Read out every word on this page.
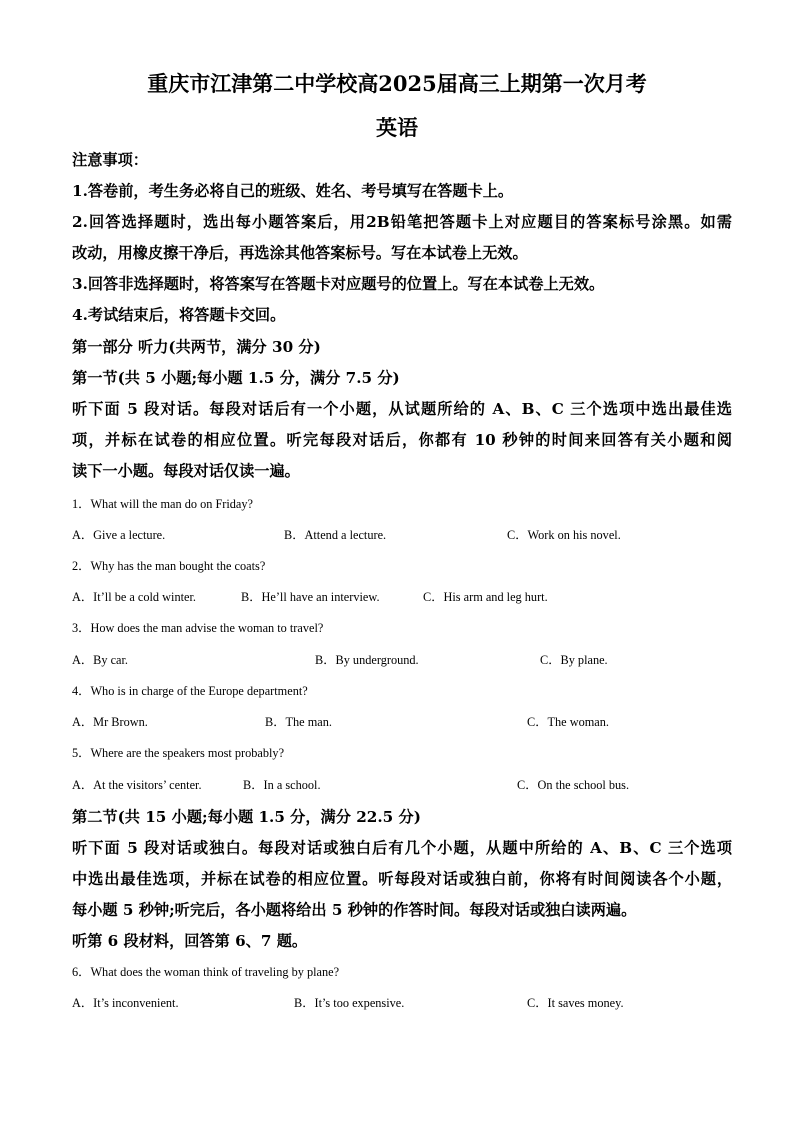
重庆市江津第二中学校高2025届高三上期第一次月考
英语
注意事项：
1.答卷前，考生务必将自己的班级、姓名、考号填写在答题卡上。
2.回答选择题时，选出每小题答案后，用2B铅笔把答题卡上对应题目的答案标号涂黑。如需
改动，用橡皮擦干净后，再选涂其他答案标号。写在本试卷上无效。
3.回答非选择题时，将答案写在答题卡对应题号的位置上。写在本试卷上无效。
4.考试结束后，将答题卡交回。
第一部分 听力(共两节，满分 30 分)
第一节(共 5 小题;每小题 1.5 分，满分 7.5 分)
听下面 5 段对话。每段对话后有一个小题，从试题所给的 A、B、C 三个选项中选出最佳选
项，并标在试卷的相应位置。听完每段对话后，你都有 10 秒钟的时间来回答有关小题和阅
读下一小题。每段对话仅读一遍。
1．What will the man do on Friday?
A．Give a lecture.	B．Attend a lecture.	C．Work on his novel.
2．Why has the man bought the coats?
A．It’ll be a cold winter.	B．He’ll have an interview.	C．His arm and leg hurt.
3．How does the man advise the woman to travel?
A．By car.	B．By underground.	C．By plane.
4．Who is in charge of the Europe department?
A．Mr Brown.	B．The man.	C．The woman.
5．Where are the speakers most probably?
A．At the visitors’ center.	B．In a school.	C．On the school bus.
第二节(共 15 小题;每小题 1.5 分，满分 22.5 分)
听下面 5 段对话或独白。每段对话或独白后有几个小题，从题中所给的 A、B、C 三个选项
中选出最佳选项，并标在试卷的相应位置。听每段对话或独白前，你将有时间阅读各个小题，
每小题 5 秒钟;听完后，各小题将给出 5 秒钟的作答时间。每段对话或独白读两遍。
听第 6 段材料，回答第 6、7 题。
6．What does the woman think of traveling by plane?
A．It’s inconvenient.	B．It’s too expensive.	C．It saves money.
